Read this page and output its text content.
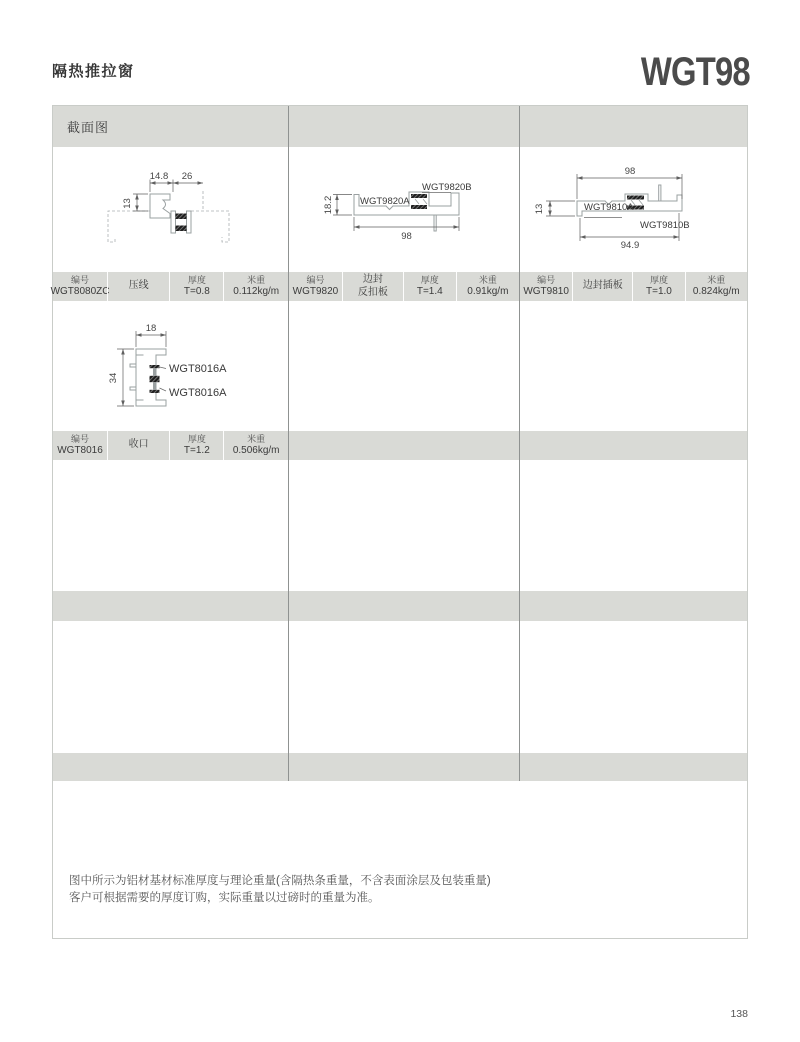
隔热推拉窗	WGT98
截面图
14.8 26
13	WGT9820A
WGT9820B
18.2
98
98
13
94.9
WGT9810A
WGT9810B
编号
WGT8080ZC
压线
厚度
T=0.8
米重
0.112kg/m
编号
WGT9820
边封
反扣板
厚度
T=1.4
米重
0.91kg/m
编号
WGT9810
边封插板
厚度
T=1.0
米重
0.824kg/m
18
34
WGT8016A
WGT8016A
编号
WGT8016
收口
厚度
T=1.2
米重
0.506kg/m
图中所示为铝材基材标准厚度与理论重量(含隔热条重量，不含表面涂层及包装重量)
客户可根据需要的厚度订购，实际重量以过磅时的重量为准。
138
